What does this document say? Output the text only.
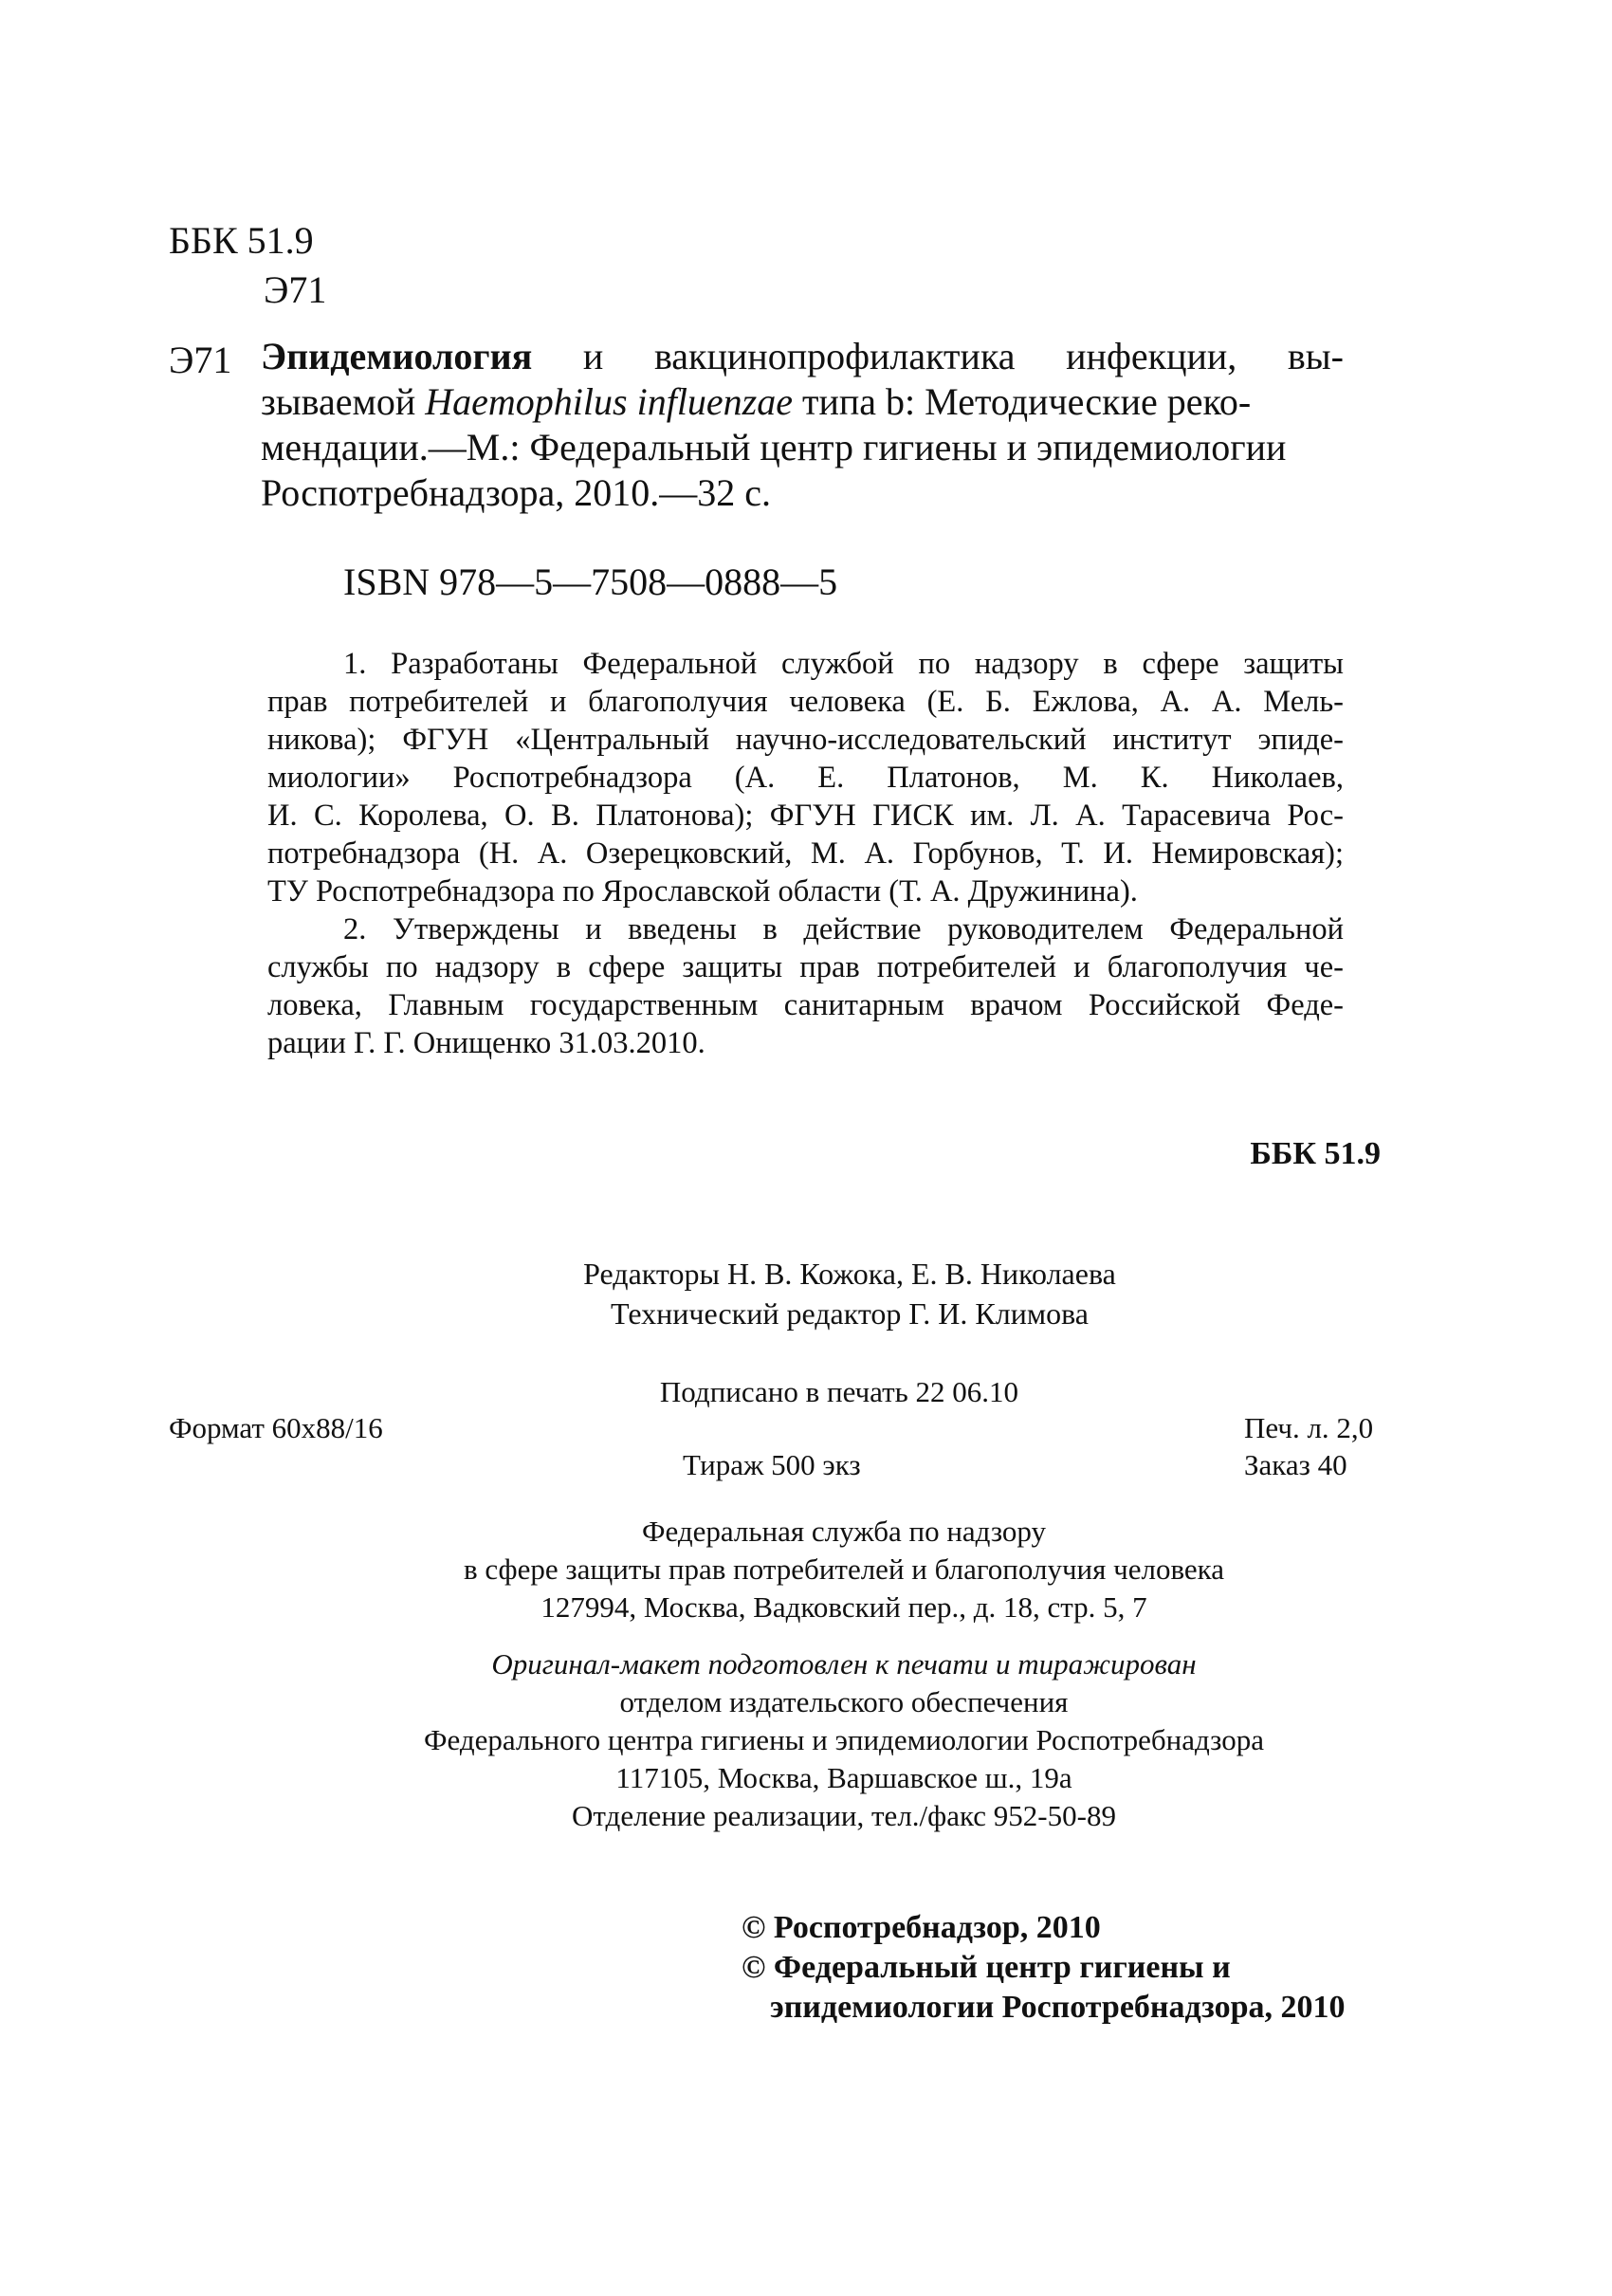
ББК 51.9
Э71
Э71 Эпидемиология и вакцинопрофилактика инфекции, вы-
зываемой Haemophilus influenzae типа b: Методические реко-
мендации.—М.: Федеральный центр гигиены и эпидемиологии
Роспотребнадзора, 2010.—32 с.
ISBN 978—5—7508—0888—5
1. Разработаны Федеральной службой по надзору в сфере защиты
прав потребителей и благополучия человека (Е. Б. Ежлова, А. А. Мель-
никова); ФГУН «Центральный научно-исследовательский институт эпиде-
миологии» Роспотребнадзора (А. Е. Платонов, М. К. Николаев,
И. С. Королева, О. В. Платонова); ФГУН ГИСК им. Л. А. Тарасевича Рос-
потребнадзора (Н. А. Озерецковский, М. А. Горбунов, Т. И. Немировская);
ТУ Роспотребнадзора по Ярославской области (Т. А. Дружинина).
2. Утверждены и введены в действие руководителем Федеральной
службы по надзору в сфере защиты прав потребителей и благополучия че-
ловека, Главным государственным санитарным врачом Российской Феде-
рации Г. Г. Онищенко 31.03.2010.
ББК 51.9
Редакторы Н. В. Кожока, Е. В. Николаева
Технический редактор Г. И. Климова
Подписано в печать 22 06.10
Формат 60х88/16	Печ. л. 2,0
Тираж 500 экз	Заказ 40
Федеральная служба по надзору
в сфере защиты прав потребителей и благополучия человека
127994, Москва, Вадковский пер., д. 18, стр. 5, 7
Оригинал-макет подготовлен к печати и тиражирован
отделом издательского обеспечения
Федерального центра гигиены и эпидемиологии Роспотребнадзора
117105, Москва, Варшавское ш., 19а
Отделение реализации, тел./факс 952-50-89
© Роспотребнадзор, 2010
© Федеральный центр гигиены и
эпидемиологии Роспотребнадзора, 2010
